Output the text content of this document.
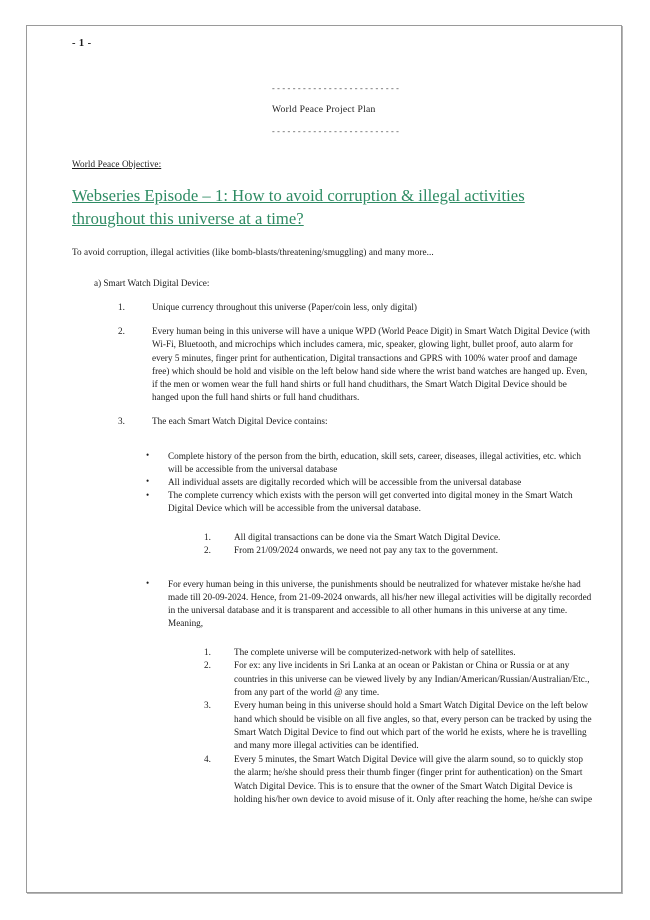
- 1 -
- - - - - - - - - - - - - - - - - - - - - - - - -
World Peace Project Plan
- - - - - - - - - - - - - - - - - - - - - - - - -
World Peace Objective:
Webseries Episode – 1: How to avoid corruption & illegal activities throughout this universe at a time?
To avoid corruption, illegal activities (like bomb-blasts/threatening/smuggling) and many more...
a) Smart Watch Digital Device:
1.	Unique currency throughout this universe (Paper/coin less, only digital)
2.	Every human being in this universe will have a unique WPD (World Peace Digit) in Smart Watch Digital Device (with Wi-Fi, Bluetooth, and microchips which includes camera, mic, speaker, glowing light, bullet proof, auto alarm for every 5 minutes, finger print for authentication, Digital transactions and GPRS with 100% water proof and damage free) which should be hold and visible on the left below hand side where the wrist band watches are hanged up. Even, if the men or women wear the full hand shirts or full hand chudithars, the Smart Watch Digital Device should be hanged upon the full hand shirts or full hand chudithars.
3.	The each Smart Watch Digital Device contains:
• Complete history of the person from the birth, education, skill sets, career, diseases, illegal activities, etc. which will be accessible from the universal database
• All individual assets are digitally recorded which will be accessible from the universal database
• The complete currency which exists with the person will get converted into digital money in the Smart Watch Digital Device which will be accessible from the universal database.
1.	All digital transactions can be done via the Smart Watch Digital Device.
2.	From 21/09/2024 onwards, we need not pay any tax to the government.
• For every human being in this universe, the punishments should be neutralized for whatever mistake he/she had made till 20-09-2024. Hence, from 21-09-2024 onwards, all his/her new illegal activities will be digitally recorded in the universal database and it is transparent and accessible to all other humans in this universe at any time. Meaning,
1.	The complete universe will be computerized-network with help of satellites.
2.	For ex: any live incidents in Sri Lanka at an ocean or Pakistan or China or Russia or at any countries in this universe can be viewed lively by any Indian/American/Russian/Australian/Etc., from any part of the world @ any time.
3.	Every human being in this universe should hold a Smart Watch Digital Device on the left below hand which should be visible on all five angles, so that, every person can be tracked by using the Smart Watch Digital Device to find out which part of the world he exists, where he is travelling and many more illegal activities can be identified.
4.	Every 5 minutes, the Smart Watch Digital Device will give the alarm sound, so to quickly stop the alarm; he/she should press their thumb finger (finger print for authentication) on the Smart Watch Digital Device. This is to ensure that the owner of the Smart Watch Digital Device is holding his/her own device to avoid misuse of it. Only after reaching the home, he/she can swipe
